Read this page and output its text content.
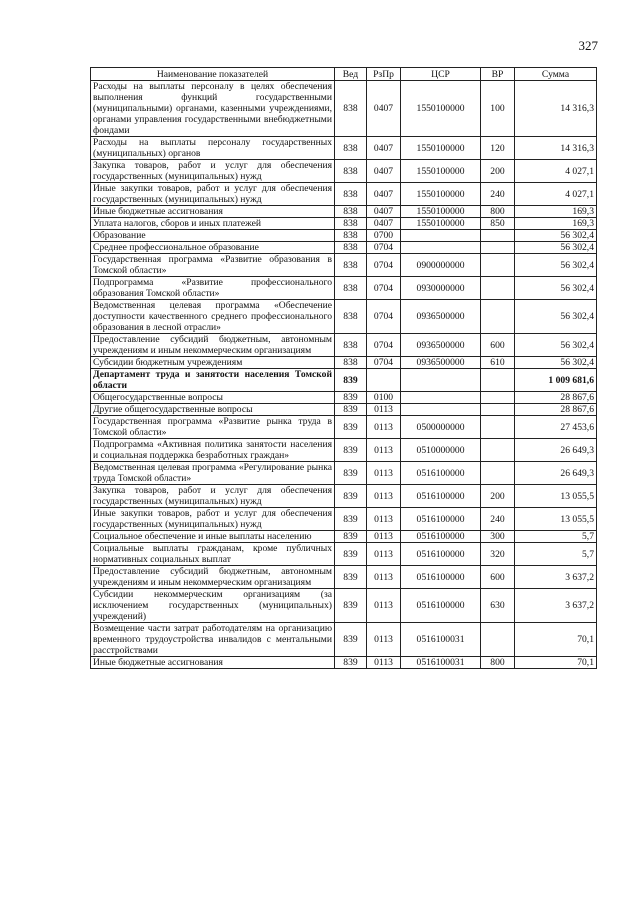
327
Наименование показателей	Вед	РзПр	ЦСР	ВР	Сумма
Расходы на выплаты персоналу в целях обеспечения выполнения функций государственными (муниципальными) органами, казенными учреждениями, органами управления государственными внебюджетными фондами	838	0407	1550100000	100	14 316,3
Расходы на выплаты персоналу государственных (муниципальных) органов	838	0407	1550100000	120	14 316,3
Закупка товаров, работ и услуг для обеспечения государственных (муниципальных) нужд	838	0407	1550100000	200	4 027,1
Иные закупки товаров, работ и услуг для обеспечения государственных (муниципальных) нужд	838	0407	1550100000	240	4 027,1
Иные бюджетные ассигнования	838	0407	1550100000	800	169,3
Уплата налогов, сборов и иных платежей	838	0407	1550100000	850	169,3
Образование	838	0700			56 302,4
Среднее профессиональное образование	838	0704			56 302,4
Государственная программа «Развитие образования в Томской области»	838	0704	0900000000		56 302,4
Подпрограмма «Развитие профессионального образования Томской области»	838	0704	0930000000		56 302,4
Ведомственная целевая программа «Обеспечение доступности качественного среднего профессионального образования в лесной отрасли»	838	0704	0936500000		56 302,4
Предоставление субсидий бюджетным, автономным учреждениям и иным некоммерческим организациям	838	0704	0936500000	600	56 302,4
Субсидии бюджетным учреждениям	838	0704	0936500000	610	56 302,4
Департамент труда и занятости населения Томской области	839				1 009 681,6
Общегосударственные вопросы	839	0100			28 867,6
Другие общегосударственные вопросы	839	0113			28 867,6
Государственная программа «Развитие рынка труда в Томской области»	839	0113	0500000000		27 453,6
Подпрограмма «Активная политика занятости населения и социальная поддержка безработных граждан»	839	0113	0510000000		26 649,3
Ведомственная целевая программа «Регулирование рынка труда Томской области»	839	0113	0516100000		26 649,3
Закупка товаров, работ и услуг для обеспечения государственных (муниципальных) нужд	839	0113	0516100000	200	13 055,5
Иные закупки товаров, работ и услуг для обеспечения государственных (муниципальных) нужд	839	0113	0516100000	240	13 055,5
Социальное обеспечение и иные выплаты населению	839	0113	0516100000	300	5,7
Социальные выплаты гражданам, кроме публичных нормативных социальных выплат	839	0113	0516100000	320	5,7
Предоставление субсидий бюджетным, автономным учреждениям и иным некоммерческим организациям	839	0113	0516100000	600	3 637,2
Субсидии некоммерческим организациям (за исключением государственных (муниципальных) учреждений)	839	0113	0516100000	630	3 637,2
Возмещение части затрат работодателям на организацию временного трудоустройства инвалидов с ментальными расстройствами	839	0113	0516100031		70,1
Иные бюджетные ассигнования	839	0113	0516100031	800	70,1
